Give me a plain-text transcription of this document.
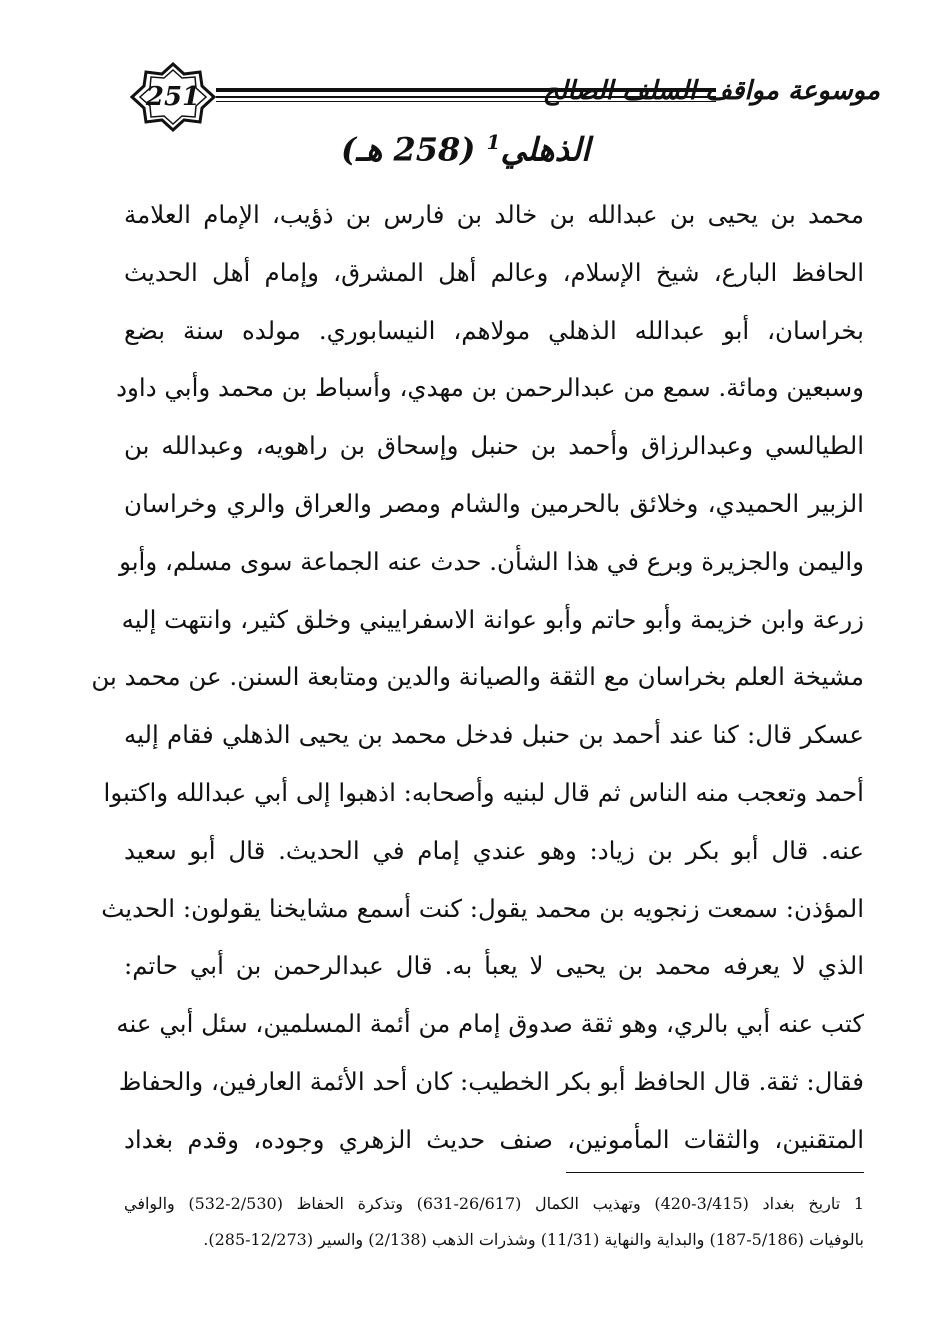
251	موسوعة مواقف السلف الصالح
الذهلي$^1$ (258 هـ)
محمد بن يحيى بن عبدالله بن خالد بن فارس بن ذؤيب، الإمام العلامة
الحافظ البارع، شيخ الإسلام، وعالم أهل المشرق، وإمام أهل الحديث
بخراسان، أبو عبدالله الذهلي مولاهم، النيسابوري. مولده سنة بضع
وسبعين ومائة. سمع من عبدالرحمن بن مهدي، وأسباط بن محمد وأبي داود
الطيالسي وعبدالرزاق وأحمد بن حنبل وإسحاق بن راهويه، وعبدالله بن
الزبير الحميدي، وخلائق بالحرمين والشام ومصر والعراق والري وخراسان
واليمن والجزيرة وبرع في هذا الشأن. حدث عنه الجماعة سوى مسلم، وأبو
زرعة وابن خزيمة وأبو حاتم وأبو عوانة الاسفراييني وخلق كثير، وانتهت إليه
مشيخة العلم بخراسان مع الثقة والصيانة والدين ومتابعة السنن. عن محمد بن
عسكر قال: كنا عند أحمد بن حنبل فدخل محمد بن يحيى الذهلي فقام إليه
أحمد وتعجب منه الناس ثم قال لبنيه وأصحابه: اذهبوا إلى أبي عبدالله واكتبوا
عنه. قال أبو بكر بن زياد: وهو عندي إمام في الحديث. قال أبو سعيد
المؤذن: سمعت زنجويه بن محمد يقول: كنت أسمع مشايخنا يقولون: الحديث
الذي لا يعرفه محمد بن يحيى لا يعبأ به. قال عبدالرحمن بن أبي حاتم:
كتب عنه أبي بالري، وهو ثقة صدوق إمام من أئمة المسلمين، سئل أبي عنه
فقال: ثقة. قال الحافظ أبو بكر الخطيب: كان أحد الأئمة العارفين، والحفاظ
المتقنين، والثقات المأمونين، صنف حديث الزهري وجوده، وقدم بغداد
1 تاريخ بغداد (3/415-420) وتهذيب الكمال (26/617-631) وتذكرة الحفاظ (2/530-532) والوافي
بالوفيات (5/186-187) والبداية والنهاية (11/31) وشذرات الذهب (2/138) والسير (12/273-285).
